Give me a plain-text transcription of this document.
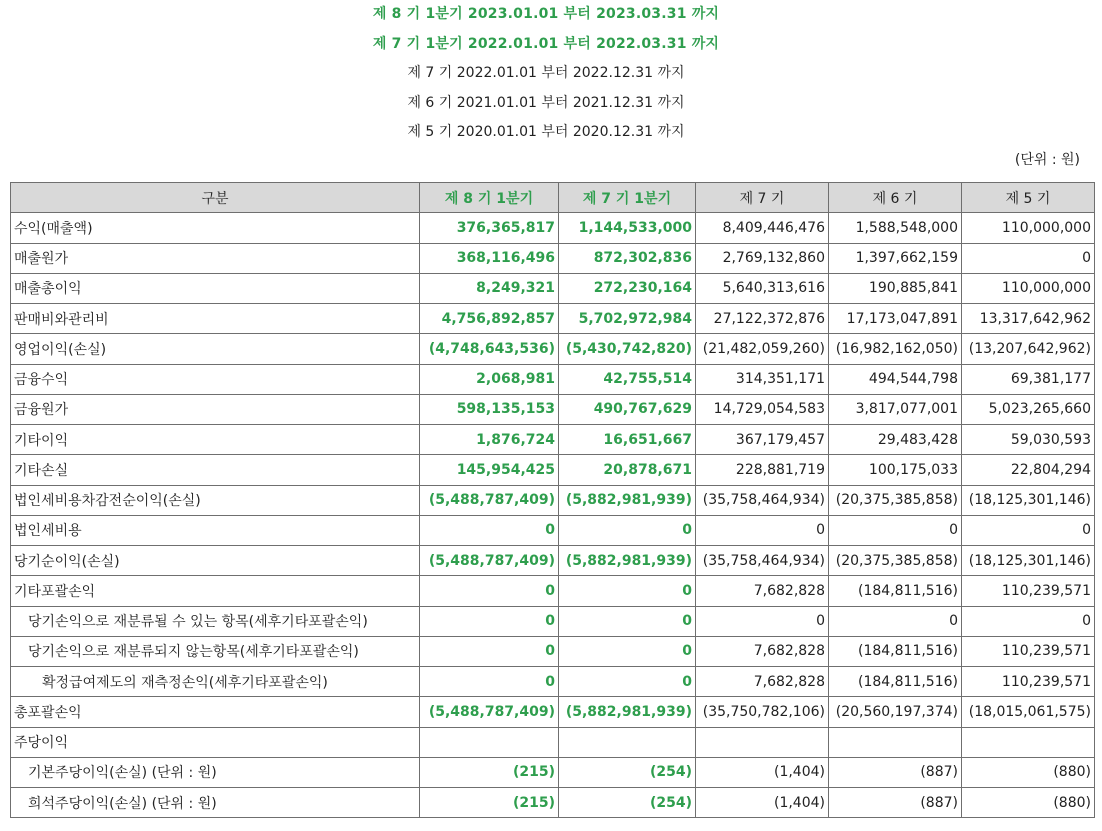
제 8 기 1분기 2023.01.01 부터 2023.03.31 까지
제 7 기 1분기 2022.01.01 부터 2022.03.31 까지
제 7 기 2022.01.01 부터 2022.12.31 까지
제 6 기 2021.01.01 부터 2021.12.31 까지
제 5 기 2020.01.01 부터 2020.12.31 까지
(단위 : 원)
구분	제 8 기 1분기	제 7 기 1분기	제 7 기	제 6 기	제 5 기
수익(매출액)	376,365,817	1,144,533,000	8,409,446,476	1,588,548,000	110,000,000
매출원가	368,116,496	872,302,836	2,769,132,860	1,397,662,159	0
매출총이익	8,249,321	272,230,164	5,640,313,616	190,885,841	110,000,000
판매비와관리비	4,756,892,857	5,702,972,984	27,122,372,876	17,173,047,891	13,317,642,962
영업이익(손실)	(4,748,643,536)	(5,430,742,820)	(21,482,059,260)	(16,982,162,050)	(13,207,642,962)
금융수익	2,068,981	42,755,514	314,351,171	494,544,798	69,381,177
금융원가	598,135,153	490,767,629	14,729,054,583	3,817,077,001	5,023,265,660
기타이익	1,876,724	16,651,667	367,179,457	29,483,428	59,030,593
기타손실	145,954,425	20,878,671	228,881,719	100,175,033	22,804,294
법인세비용차감전순이익(손실)	(5,488,787,409)	(5,882,981,939)	(35,758,464,934)	(20,375,385,858)	(18,125,301,146)
법인세비용	0	0	0	0	0
당기순이익(손실)	(5,488,787,409)	(5,882,981,939)	(35,758,464,934)	(20,375,385,858)	(18,125,301,146)
기타포괄손익	0	0	7,682,828	(184,811,516)	110,239,571
당기손익으로 재분류될 수 있는 항목(세후기타포괄손익)	0	0	0	0	0
당기손익으로 재분류되지 않는항목(세후기타포괄손익)	0	0	7,682,828	(184,811,516)	110,239,571
확정급여제도의 재측정손익(세후기타포괄손익)	0	0	7,682,828	(184,811,516)	110,239,571
총포괄손익	(5,488,787,409)	(5,882,981,939)	(35,750,782,106)	(20,560,197,374)	(18,015,061,575)
주당이익					
기본주당이익(손실) (단위 : 원)	(215)	(254)	(1,404)	(887)	(880)
희석주당이익(손실) (단위 : 원)	(215)	(254)	(1,404)	(887)	(880)
